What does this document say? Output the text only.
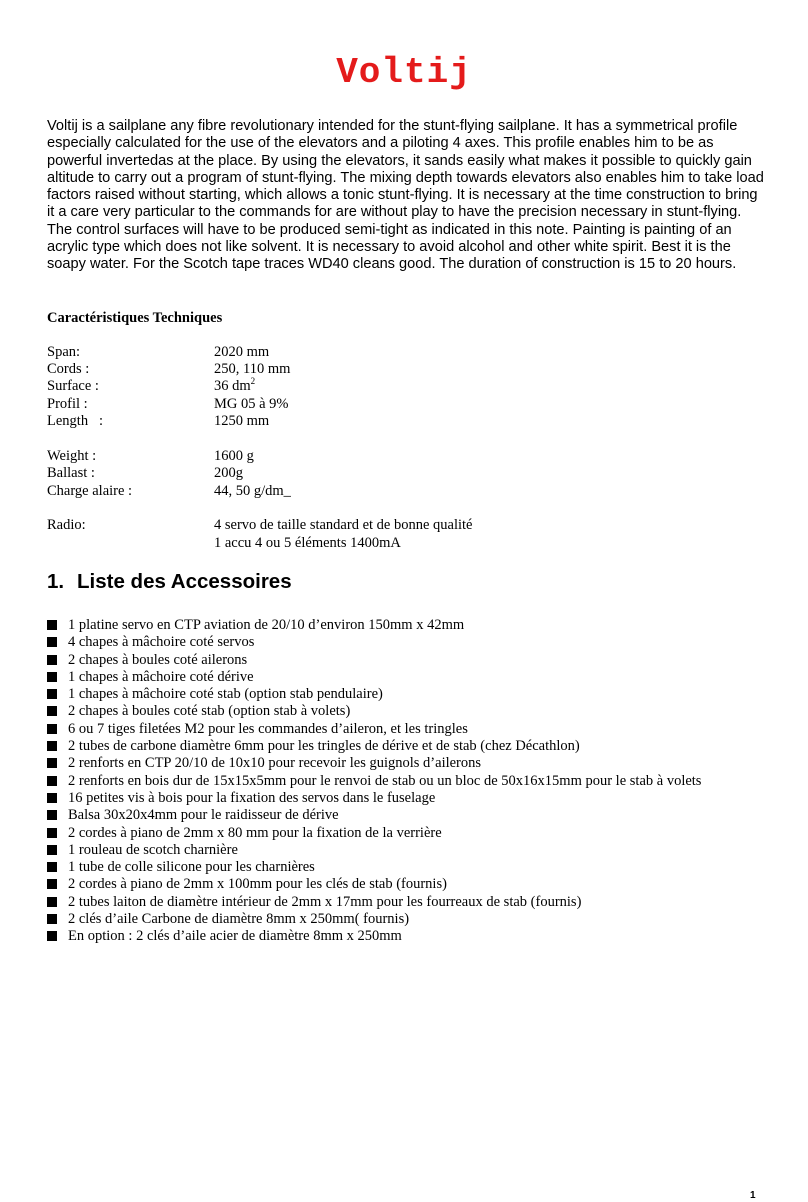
Voltij

Voltij is a sailplane any fibre revolutionary intended for the stunt-flying sailplane. It has a symmetrical profile especially calculated for the use of the elevators and a piloting 4 axes. This profile enables him to be as powerful invertedas at the place. By using the elevators, it sands easily what makes it possible to quickly gain altitude to carry out a program of stunt-flying. The mixing depth towards elevators also enables him to take load factors raised without starting, which allows a tonic stunt-flying. It is necessary at the time construction to bring it a care very particular to the commands for are without play to have the precision necessary in stunt-flying. The control surfaces will have to be produced semi-tight as indicated in this note. Painting is painting of an acrylic type which does not like solvent. It is necessary to avoid alcohol and other white spirit. Best it is the soapy water. For the Scotch tape traces WD40 cleans good. The duration of construction is 15 to 20 hours.

Caractéristiques Techniques
Span:	2020 mm
Cords :	250, 110 mm
Surface :	36 $dm^2$
Profil :	MG 05 à 9%
Length   :	1250 mm
Weight :	1600 g
Ballast :	200g
Charge alaire :	44, 50 g/dm_
Radio:	4 servo de taille standard et de bonne qualité
1 accu 4 ou 5 éléments 1400mA
1. Liste des Accessoires
1 platine servo en CTP aviation de 20/10 d’environ 150mm x 42mm
4 chapes à mâchoire coté servos
2 chapes à boules coté ailerons
1 chapes à mâchoire coté dérive
1 chapes à mâchoire coté stab (option stab pendulaire)
2 chapes à boules coté stab (option stab à volets)
6 ou 7 tiges filetées M2 pour les commandes d’aileron, et les tringles
2 tubes de carbone diamètre 6mm pour les tringles de dérive et de stab (chez Décathlon)
2 renforts en CTP 20/10 de 10x10 pour recevoir les guignols d’ailerons
2 renforts en bois dur de 15x15x5mm pour le renvoi de stab ou un bloc de 50x16x15mm pour le stab à volets
16 petites vis à bois pour la fixation des servos dans le fuselage
Balsa 30x20x4mm pour le raidisseur de dérive
2 cordes à piano de 2mm x 80 mm pour la fixation de la verrière
1 rouleau de scotch charnière
1 tube de colle silicone pour les charnières
2 cordes à piano de 2mm x 100mm pour les clés de stab (fournis)
2 tubes laiton de diamètre intérieur de 2mm x 17mm pour les fourreaux de stab (fournis)
2 clés d’aile Carbone de diamètre 8mm x 250mm( fournis)
En option : 2 clés d’aile acier de diamètre 8mm x 250mm
1
